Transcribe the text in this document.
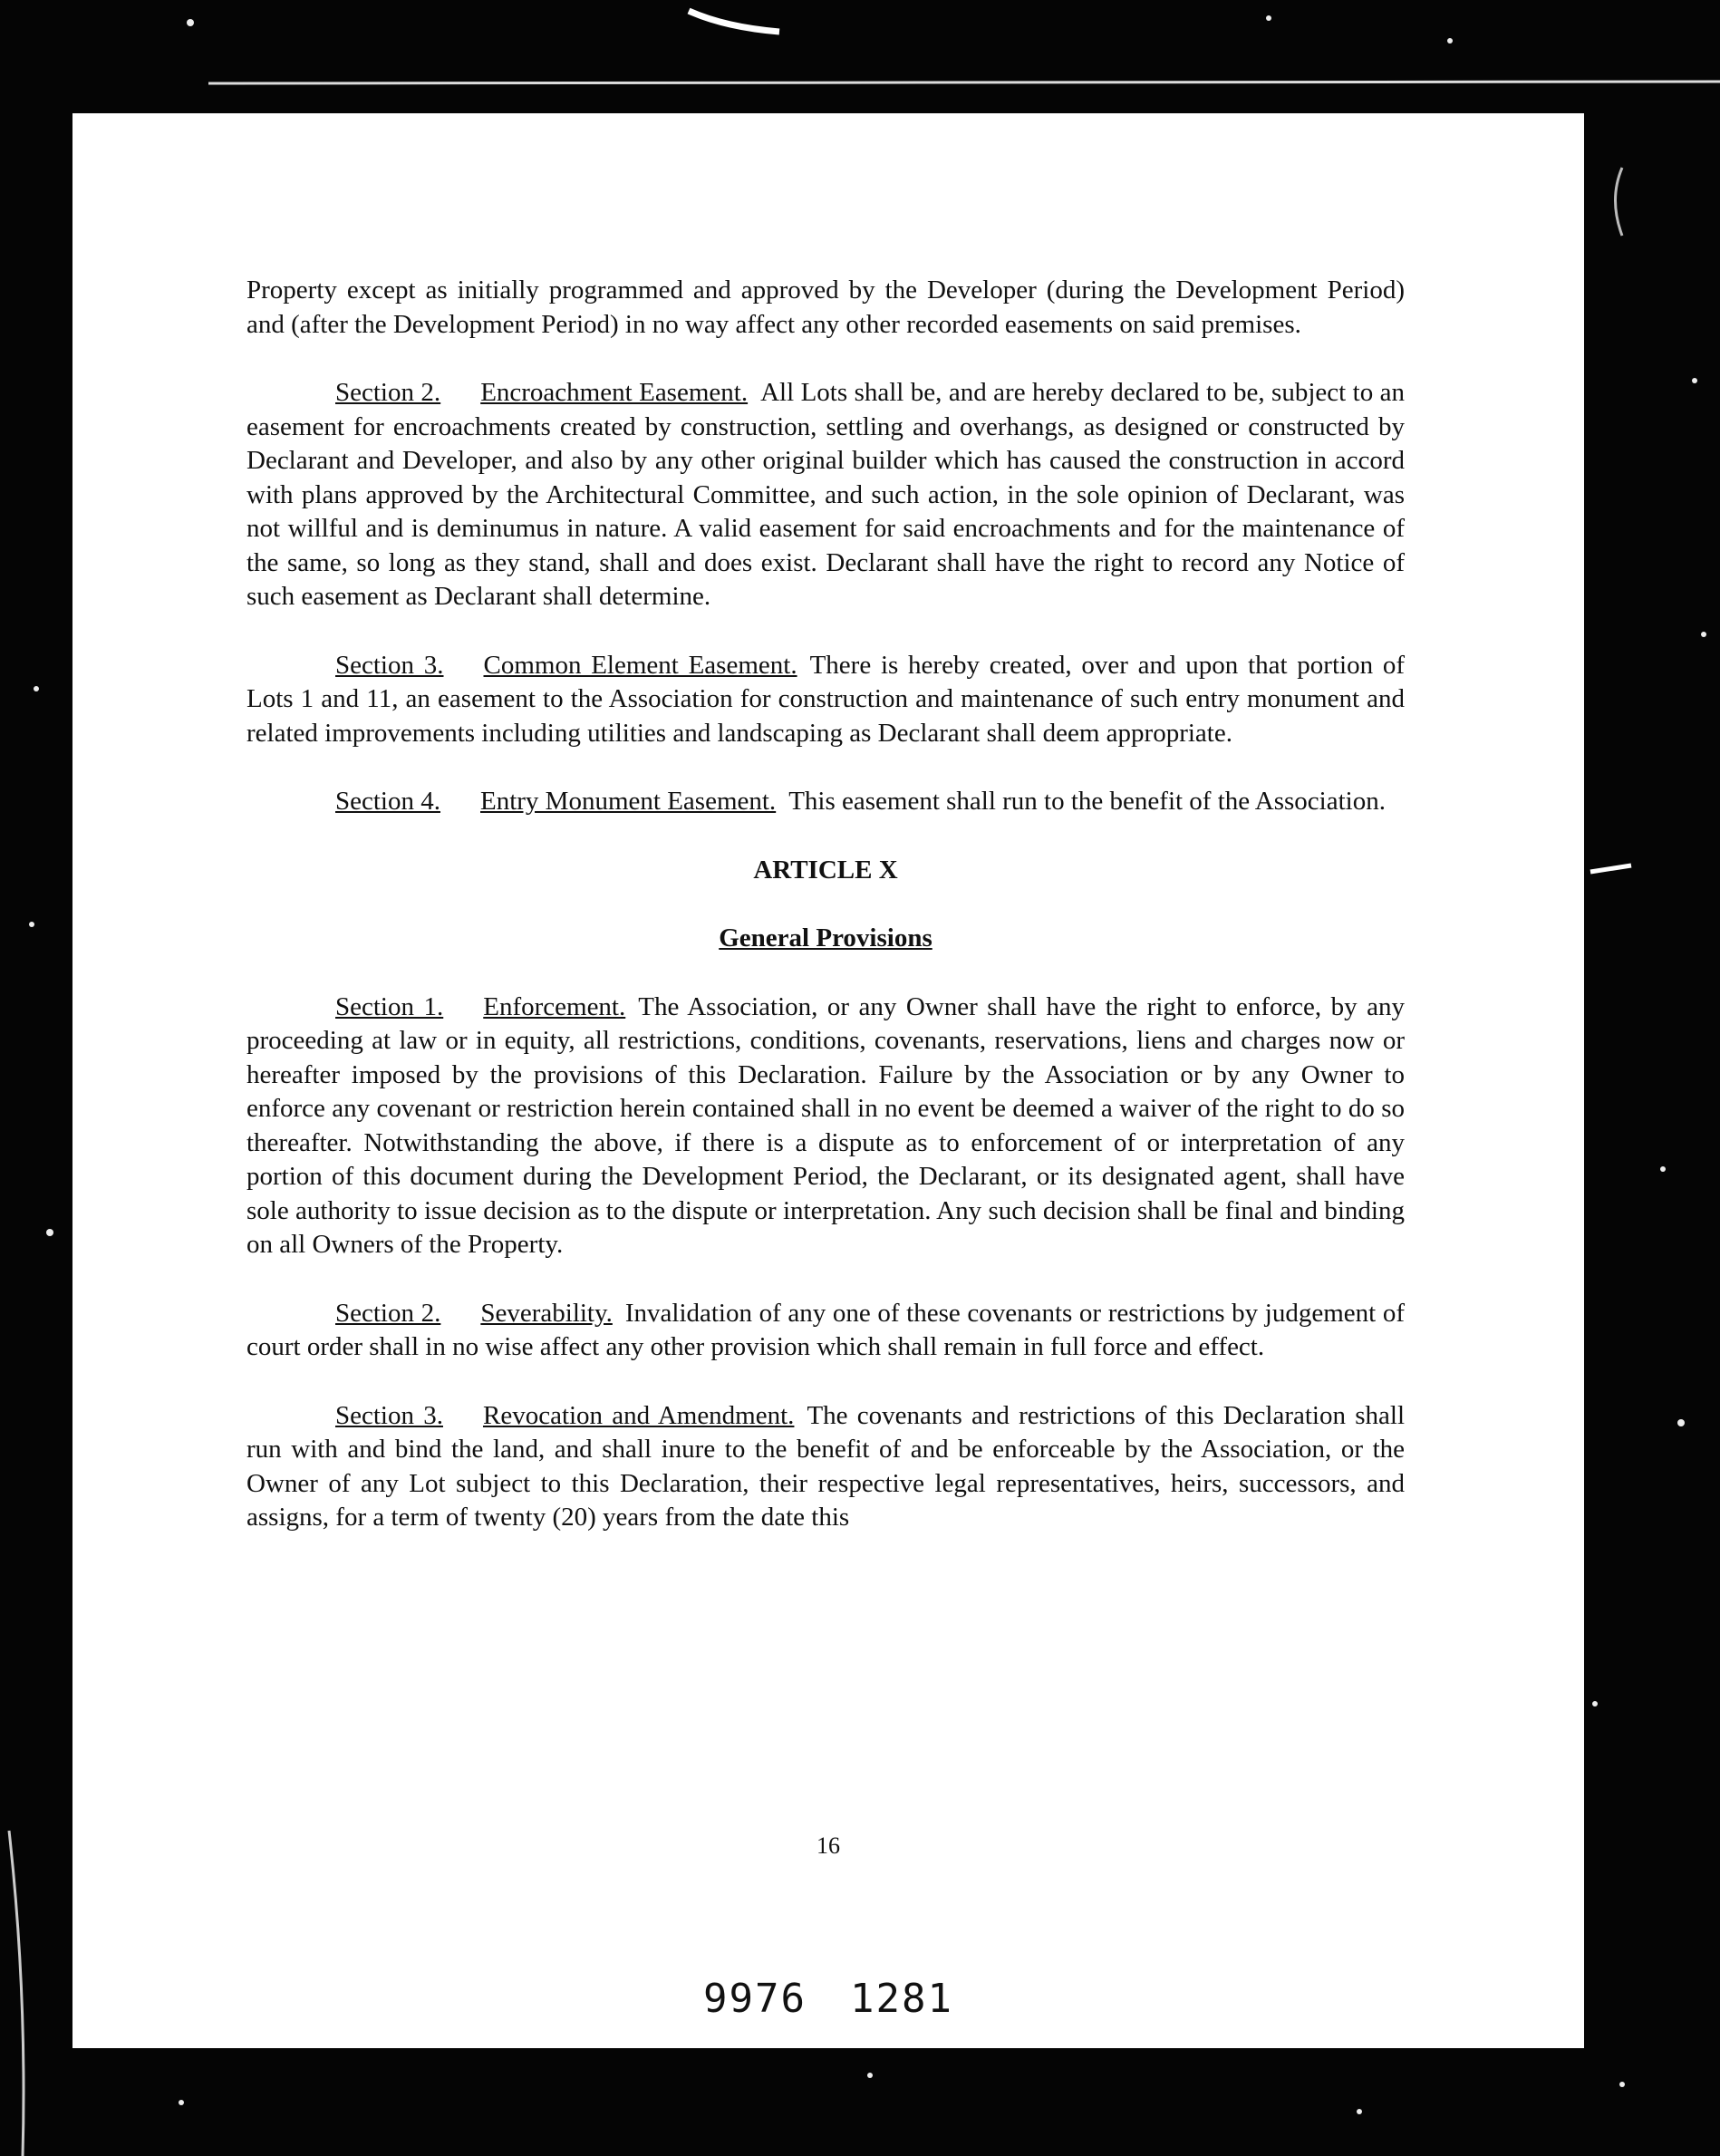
Property except as initially programmed and approved by the Developer (during the Development Period) and (after the Development Period) in no way affect any other recorded easements on said premises.

Section 2. Encroachment Easement. All Lots shall be, and are hereby declared to be, subject to an easement for encroachments created by construction, settling and overhangs, as designed or constructed by Declarant and Developer, and also by any other original builder which has caused the construction in accord with plans approved by the Architectural Committee, and such action, in the sole opinion of Declarant, was not willful and is deminumus in nature. A valid easement for said encroachments and for the maintenance of the same, so long as they stand, shall and does exist. Declarant shall have the right to record any Notice of such easement as Declarant shall determine.

Section 3. Common Element Easement. There is hereby created, over and upon that portion of Lots 1 and 11, an easement to the Association for construction and maintenance of such entry monument and related improvements including utilities and landscaping as Declarant shall deem appropriate.

Section 4. Entry Monument Easement. This easement shall run to the benefit of the Association.

ARTICLE X

General Provisions

Section 1. Enforcement. The Association, or any Owner shall have the right to enforce, by any proceeding at law or in equity, all restrictions, conditions, covenants, reservations, liens and charges now or hereafter imposed by the provisions of this Declaration. Failure by the Association or by any Owner to enforce any covenant or restriction herein contained shall in no event be deemed a waiver of the right to do so thereafter. Notwithstanding the above, if there is a dispute as to enforcement of or interpretation of any portion of this document during the Development Period, the Declarant, or its designated agent, shall have sole authority to issue decision as to the dispute or interpretation. Any such decision shall be final and binding on all Owners of the Property.

Section 2. Severability. Invalidation of any one of these covenants or restrictions by judgement of court order shall in no wise affect any other provision which shall remain in full force and effect.

Section 3. Revocation and Amendment. The covenants and restrictions of this Declaration shall run with and bind the land, and shall inure to the benefit of and be enforceable by the Association, or the Owner of any Lot subject to this Declaration, their respective legal representatives, heirs, successors, and assigns, for a term of twenty (20) years from the date this

16
9976 1281
